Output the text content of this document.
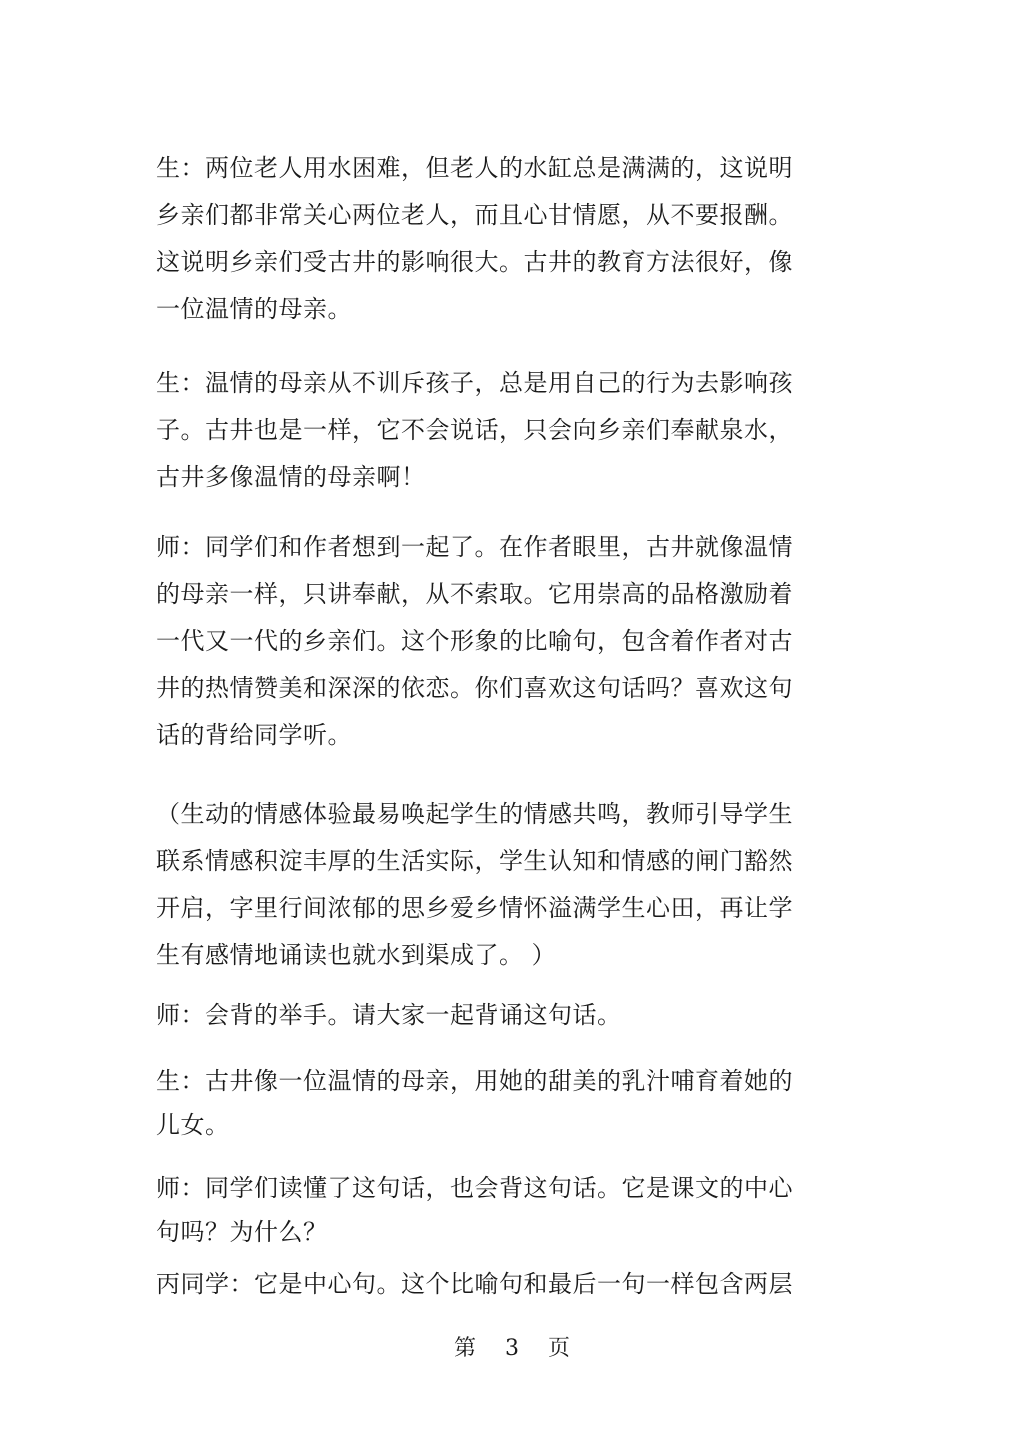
生：两位老人用水困难，但老人的水缸总是满满的，这说明乡亲们都非常关心两位老人，而且心甘情愿，从不要报酬。这说明乡亲们受古井的影响很大。古井的教育方法很好，像一位温情的母亲。

生：温情的母亲从不训斥孩子，总是用自己的行为去影响孩子。古井也是一样，它不会说话，只会向乡亲们奉献泉水，古井多像温情的母亲啊！

师：同学们和作者想到一起了。在作者眼里，古井就像温情的母亲一样，只讲奉献，从不索取。它用崇高的品格激励着一代又一代的乡亲们。这个形象的比喻句，包含着作者对古井的热情赞美和深深的依恋。你们喜欢这句话吗？喜欢这句话的背给同学听。

（生动的情感体验最易唤起学生的情感共鸣，教师引导学生联系情感积淀丰厚的生活实际，学生认知和情感的闸门豁然开启，字里行间浓郁的思乡爱乡情怀溢满学生心田，再让学生有感情地诵读也就水到渠成了。 ）

师：会背的举手。请大家一起背诵这句话。

生：古井像一位温情的母亲，用她的甜美的乳汁哺育着她的儿女。

师：同学们读懂了这句话，也会背这句话。它是课文的中心句吗？为什么？

丙同学：它是中心句。这个比喻句和最后一句一样包含两层

第 3 页
